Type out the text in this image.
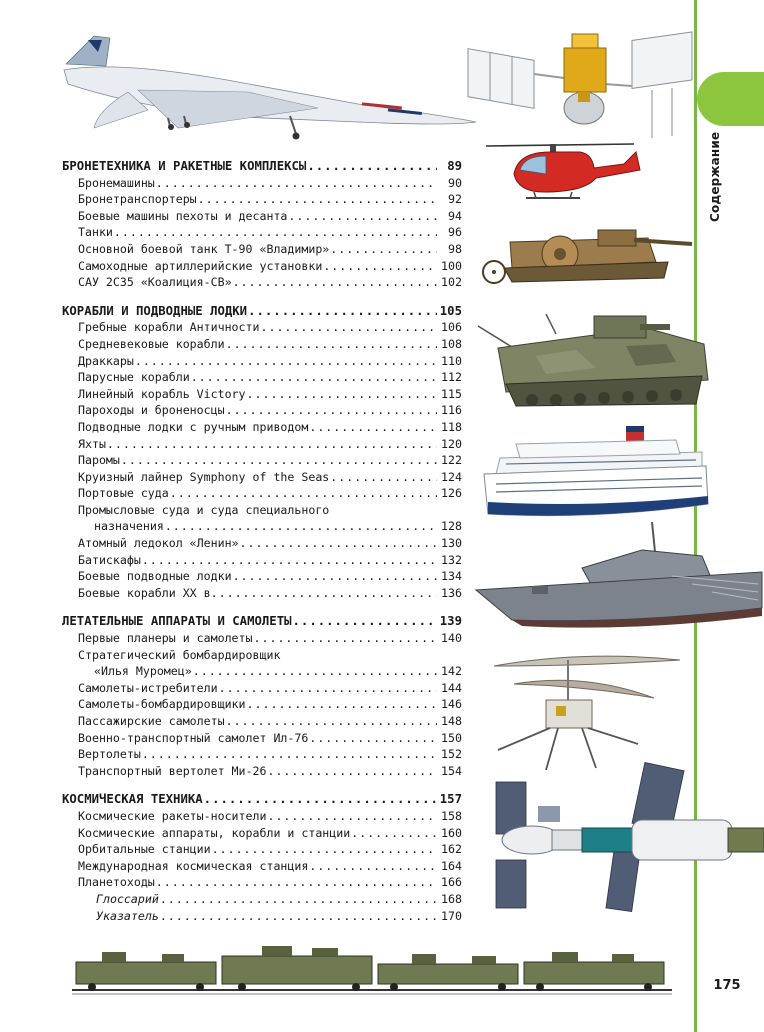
Содержание
175
БРОНЕТЕХНИКА И РАКЕТНЫЕ КОМПЛЕКСЫ .....	89
Бронемашины .....	90
Бронетранспортеры .....	92
Боевые машины пехоты и десанта .....	94
Танки .....	96
Основной боевой танк Т-90 «Владимир» .....	98
Самоходные артиллерийские установки .....	100
САУ 2С35 «Коалиция-СВ» .....	102
КОРАБЛИ И ПОДВОДНЫЕ ЛОДКИ .....	105
Гребные корабли Античности .....	106
Средневековые корабли .....	108
Драккары .....	110
Парусные корабли .....	112
Линейный корабль Victory .....	115
Пароходы и броненосцы .....	116
Подводные лодки с ручным приводом .....	118
Яхты .....	120
Паромы .....	122
Круизный лайнер Symphony of the Seas .....	124
Портовые суда .....	126
Промысловые суда и суда специального
назначения .....	128
Атомный ледокол «Ленин» .....	130
Батискафы .....	132
Боевые подводные лодки .....	134
Боевые корабли XX в. .....	136
ЛЕТАТЕЛЬНЫЕ АППАРАТЫ И САМОЛЕТЫ .....	139
Первые планеры и самолеты .....	140
Стратегический бомбардировщик
«Илья Муромец» .....	142
Самолеты-истребители .....	144
Самолеты-бомбардировщики .....	146
Пассажирские самолеты .....	148
Военно-транспортный самолет Ил-76 .....	150
Вертолеты .....	152
Транспортный вертолет Ми-26 .....	154
КОСМИЧЕСКАЯ ТЕХНИКА .....	157
Космические ракеты-носители .....	158
Космические аппараты, корабли и станции .....	160
Орбитальные станции .....	162
Международная космическая станция .....	164
Планетоходы .....	166
Глоссарий .....	168
Указатель .....	170
